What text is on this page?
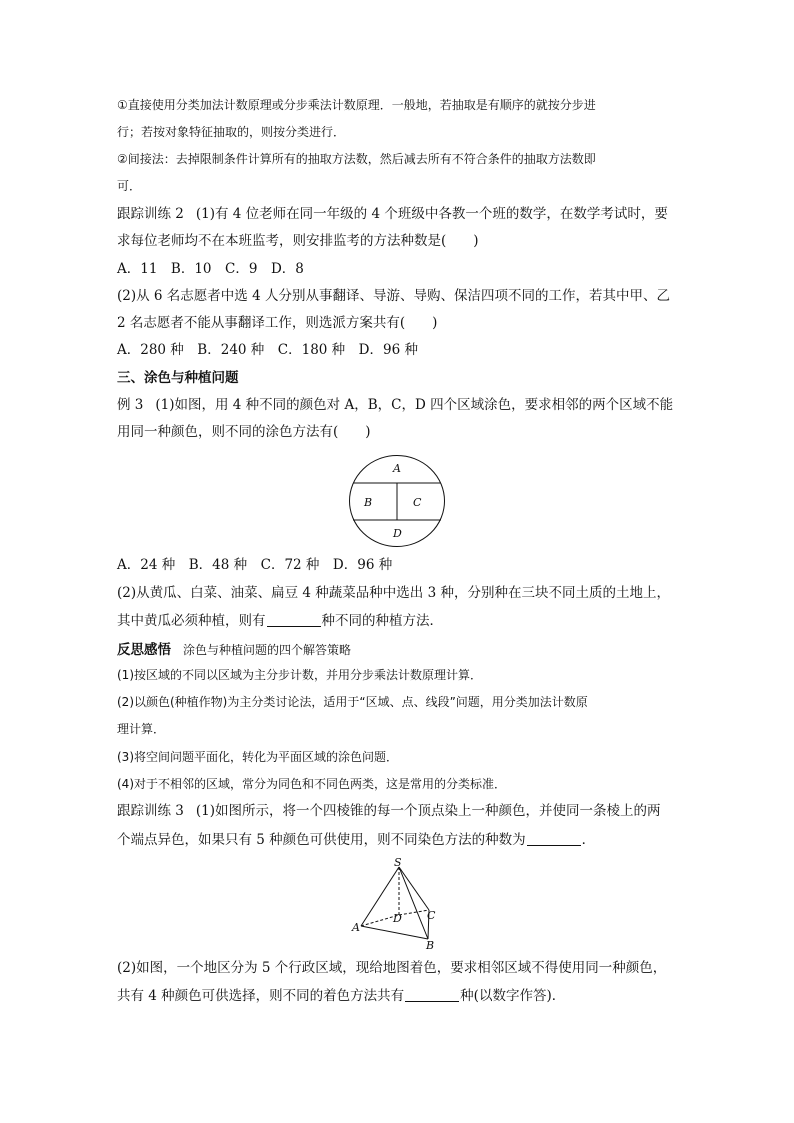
①直接使用分类加法计数原理或分步乘法计数原理．一般地，若抽取是有顺序的就按分步进
行；若按对象特征抽取的，则按分类进行．
②间接法：去掉限制条件计算所有的抽取方法数，然后减去所有不符合条件的抽取方法数即
可．
跟踪训练 2 (1)有 4 位老师在同一年级的 4 个班级中各教一个班的数学，在数学考试时，要
求每位老师均不在本班监考，则安排监考的方法种数是(　　)
A．11　B．10　C．9　D．8
(2)从 6 名志愿者中选 4 人分别从事翻译、导游、导购、保洁四项不同的工作，若其中甲、乙
2 名志愿者不能从事翻译工作，则选派方案共有(　　)
A．280 种　B．240 种　C．180 种　D．96 种
三、涂色与种植问题
例 3 (1)如图，用 4 种不同的颜色对 A，B，C，D 四个区域涂色，要求相邻的两个区域不能
用同一种颜色，则不同的涂色方法有(　　)
A
B	C
D
A．24 种　B．48 种　C．72 种　D．96 种
(2)从黄瓜、白菜、油菜、扁豆 4 种蔬菜品种中选出 3 种，分别种在三块不同土质的土地上，
其中黄瓜必须种植，则有	种不同的种植方法．
反思感悟 涂色与种植问题的四个解答策略
(1)按区域的不同以区域为主分步计数，并用分步乘法计数原理计算．
(2)以颜色(种植作物)为主分类讨论法，适用于“区域、点、线段”问题，用分类加法计数原
理计算．
(3)将空间问题平面化，转化为平面区域的涂色问题．
(4)对于不相邻的区域，常分为同色和不同色两类，这是常用的分类标准．
跟踪训练 3 (1)如图所示，将一个四棱锥的每一个顶点染上一种颜色，并使同一条棱上的两
个端点异色，如果只有 5 种颜色可供使用，则不同染色方法的种数为	．
S
A
B
C
D
(2)如图，一个地区分为 5 个行政区域，现给地图着色，要求相邻区域不得使用同一种颜色，
共有 4 种颜色可供选择，则不同的着色方法共有	种(以数字作答)．
